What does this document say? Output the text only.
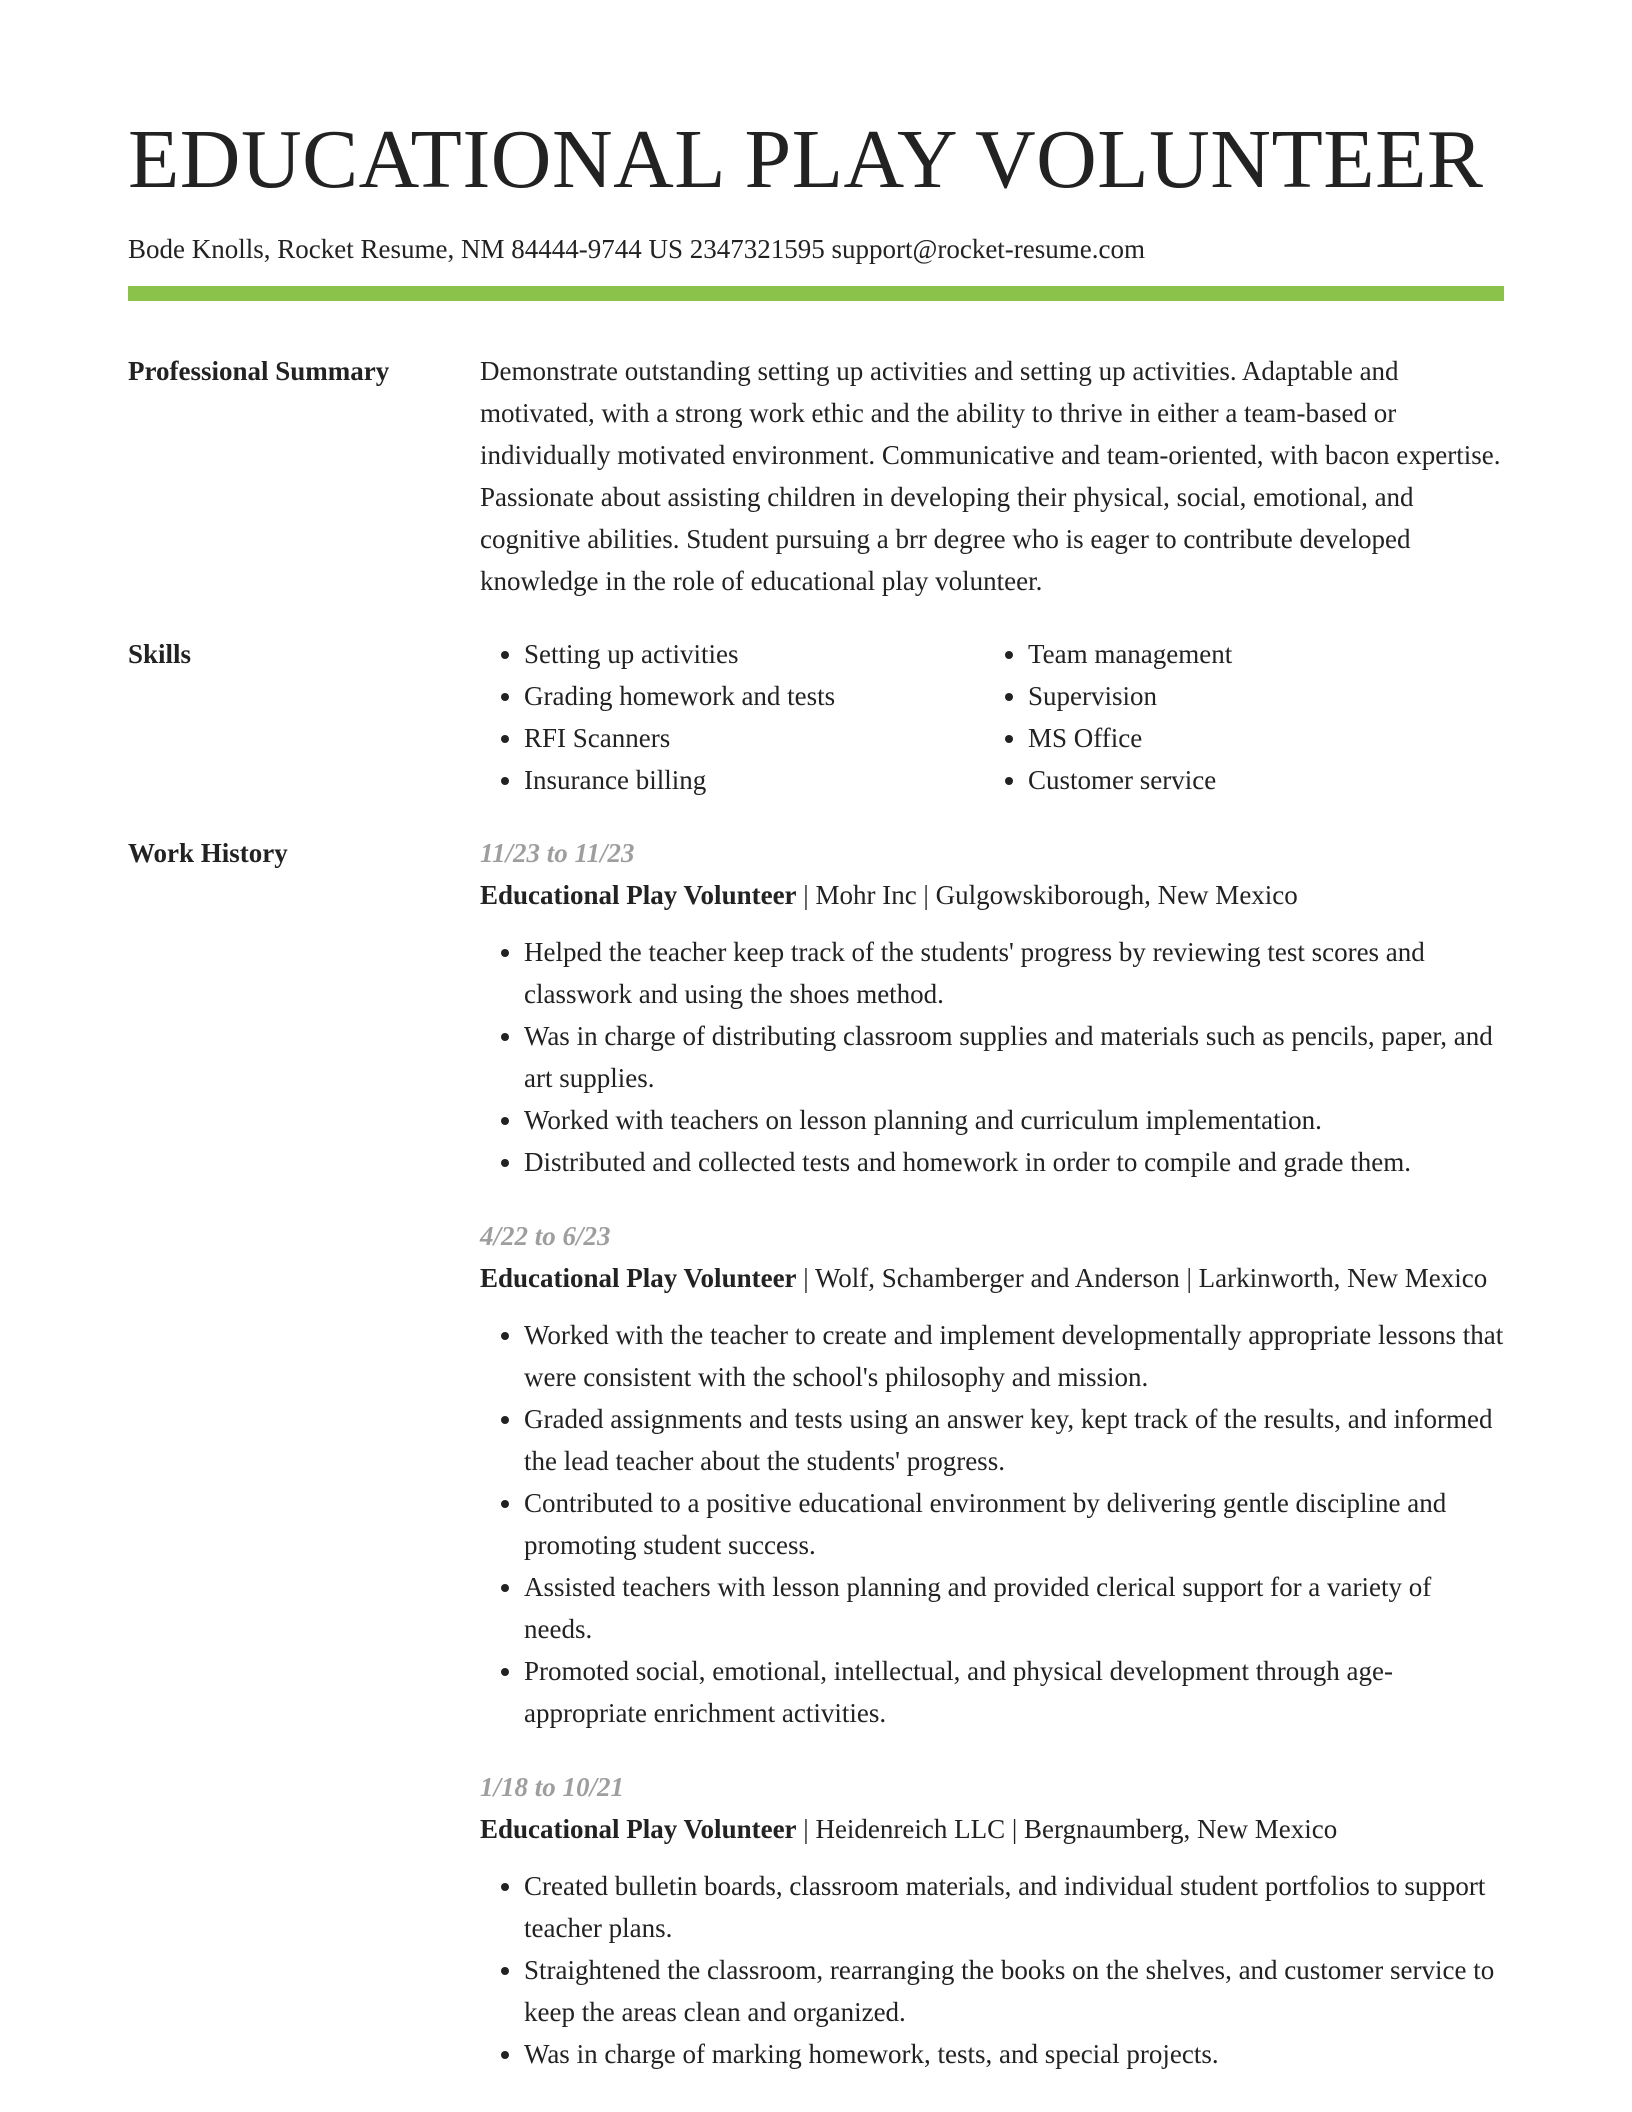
EDUCATIONAL PLAY VOLUNTEER
Bode Knolls, Rocket Resume, NM 84444-9744 US 2347321595 support@rocket-resume.com
Professional Summary	Demonstrate outstanding setting up activities and setting up activities. Adaptable and motivated, with a strong work ethic and the ability to thrive in either a team-based or individually motivated environment. Communicative and team-oriented, with bacon expertise. Passionate about assisting children in developing their physical, social, emotional, and cognitive abilities. Student pursuing a brr degree who is eager to contribute developed knowledge in the role of educational play volunteer.

Skills
•	Setting up activities
• Grading homework and tests
• RFI Scanners
• Insurance billing
• Team management
• Supervision
• MS Office
• Customer service
Work History	11/23 to 11/23
Educational Play Volunteer | Mohr Inc | Gulgowskiborough, New Mexico
• Helped the teacher keep track of the students' progress by reviewing test scores and classwork and using the shoes method.
• Was in charge of distributing classroom supplies and materials such as pencils, paper, and art supplies.
• Worked with teachers on lesson planning and curriculum implementation.
• Distributed and collected tests and homework in order to compile and grade them.
4/22 to 6/23
Educational Play Volunteer | Wolf, Schamberger and Anderson | Larkinworth, New Mexico
• Worked with the teacher to create and implement developmentally appropriate lessons that were consistent with the school's philosophy and mission.
• Graded assignments and tests using an answer key, kept track of the results, and informed the lead teacher about the students' progress.
• Contributed to a positive educational environment by delivering gentle discipline and promoting student success.
• Assisted teachers with lesson planning and provided clerical support for a variety of needs.
• Promoted social, emotional, intellectual, and physical development through age-appropriate enrichment activities.
1/18 to 10/21
Educational Play Volunteer | Heidenreich LLC | Bergnaumberg, New Mexico
• Created bulletin boards, classroom materials, and individual student portfolios to support teacher plans.
• Straightened the classroom, rearranging the books on the shelves, and customer service to keep the areas clean and organized.
• Was in charge of marking homework, tests, and special projects.
